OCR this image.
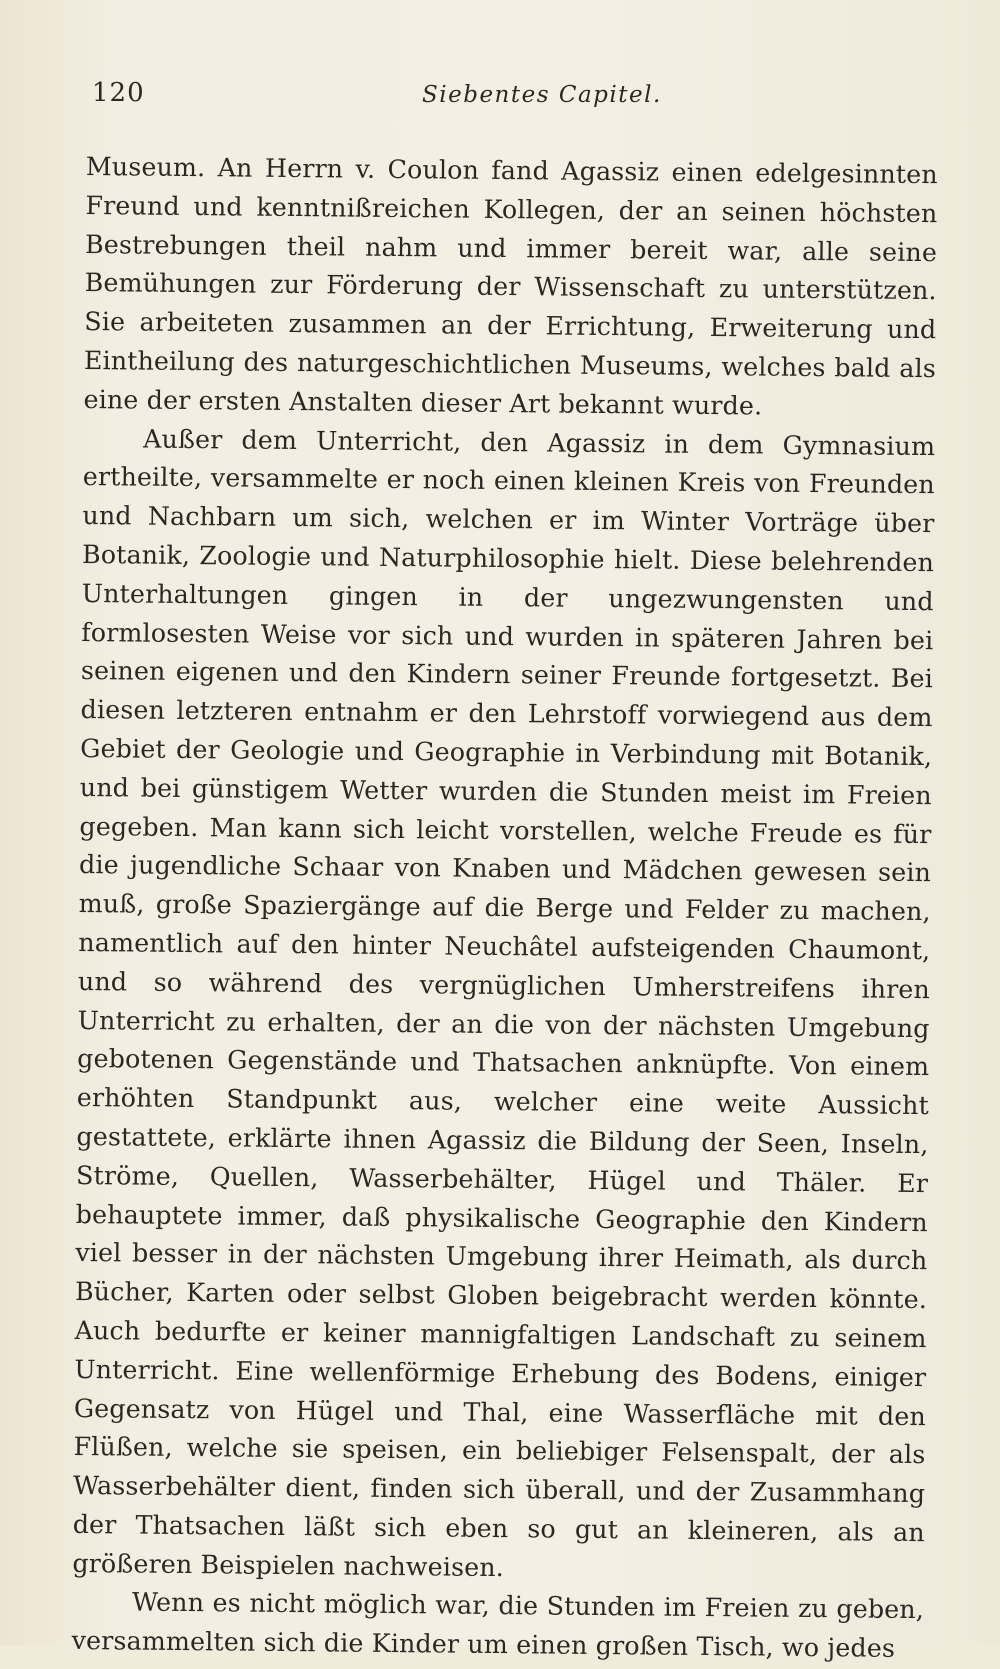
120	Siebentes Capitel.

Museum. An Herrn v. Coulon fand Agassiz einen edelgesinnten Freund und kenntnißreichen Kollegen, der an seinen höchsten Bestrebungen theil nahm und immer bereit war, alle seine Bemühungen zur Förderung der Wissenschaft zu unterstützen. Sie arbeiteten zusammen an der Errichtung, Erweiterung und Eintheilung des naturgeschichtlichen Museums, welches bald als eine der ersten Anstalten dieser Art bekannt wurde.

Außer dem Unterricht, den Agassiz in dem Gymnasium ertheilte, versammelte er noch einen kleinen Kreis von Freunden und Nachbarn um sich, welchen er im Winter Vorträge über Botanik, Zoologie und Naturphilosophie hielt. Diese belehrenden Unterhaltungen gingen in der ungezwungensten und formlosesten Weise vor sich und wurden in späteren Jahren bei seinen eigenen und den Kindern seiner Freunde fortgesetzt. Bei diesen letzteren entnahm er den Lehrstoff vorwiegend aus dem Gebiet der Geologie und Geographie in Verbindung mit Botanik, und bei günstigem Wetter wurden die Stunden meist im Freien gegeben. Man kann sich leicht vorstellen, welche Freude es für die jugendliche Schaar von Knaben und Mädchen gewesen sein muß, große Spaziergänge auf die Berge und Felder zu machen, namentlich auf den hinter Neuchâtel aufsteigenden Chaumont, und so während des vergnüglichen Umherstreifens ihren Unterricht zu erhalten, der an die von der nächsten Umgebung gebotenen Gegenstände und Thatsachen anknüpfte. Von einem erhöhten Standpunkt aus, welcher eine weite Aussicht gestattete, erklärte ihnen Agassiz die Bildung der Seen, Inseln, Ströme, Quellen, Wasserbehälter, Hügel und Thäler. Er behauptete immer, daß physikalische Geographie den Kindern viel besser in der nächsten Umgebung ihrer Heimath, als durch Bücher, Karten oder selbst Globen beigebracht werden könnte. Auch bedurfte er keiner mannigfaltigen Landschaft zu seinem Unterricht. Eine wellenförmige Erhebung des Bodens, einiger Gegensatz von Hügel und Thal, eine Wasserfläche mit den Flüßen, welche sie speisen, ein beliebiger Felsenspalt, der als Wasserbehälter dient, finden sich überall, und der Zusammhang der Thatsachen läßt sich eben so gut an kleineren, als an größeren Beispielen nachweisen.

Wenn es nicht möglich war, die Stunden im Freien zu geben, versammelten sich die Kinder um einen großen Tisch, wo jedes
